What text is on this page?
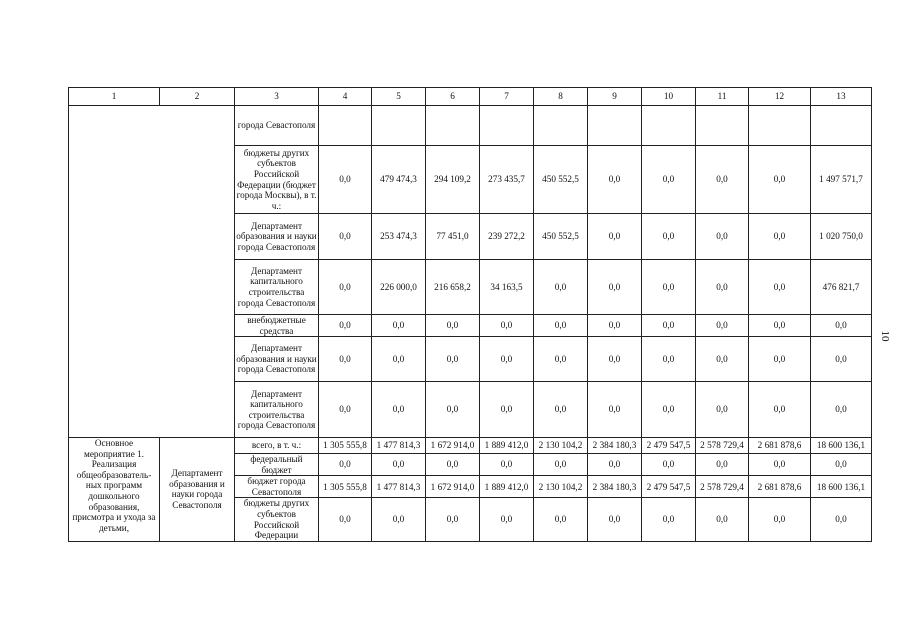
1	2	3	4	5	6	7	8	9	10	11	12	13
		города Севастополя										
		бюджеты других субъектов Российской Федерации (бюджет города Москвы), в т. ч.:	0,0	479 474,3	294 109,2	273 435,7	450 552,5	0,0	0,0	0,0	0,0	1 497 571,7
		Департамент образования и науки города Севастополя	0,0	253 474,3	77 451,0	239 272,2	450 552,5	0,0	0,0	0,0	0,0	1 020 750,0
		Департамент капитального строительства города Севастополя	0,0	226 000,0	216 658,2	34 163,5	0,0	0,0	0,0	0,0	0,0	476 821,7
		внебюджетные средства	0,0	0,0	0,0	0,0	0,0	0,0	0,0	0,0	0,0	0,0
		Департамент образования и науки города Севастополя	0,0	0,0	0,0	0,0	0,0	0,0	0,0	0,0	0,0	0,0
		Департамент капитального строительства города Севастополя	0,0	0,0	0,0	0,0	0,0	0,0	0,0	0,0	0,0	0,0
Основное мероприятие 1. Реализация общеобразователь-ных программ дошкольного образования, присмотра и ухода за детьми,	Департамент образования и науки города Севастополя	всего, в т. ч.:	1 305 555,8	1 477 814,3	1 672 914,0	1 889 412,0	2 130 104,2	2 384 180,3	2 479 547,5	2 578 729,4	2 681 878,6	18 600 136,1
		федеральный бюджет	0,0	0,0	0,0	0,0	0,0	0,0	0,0	0,0	0,0	0,0
		бюджет города Севастополя	1 305 555,8	1 477 814,3	1 672 914,0	1 889 412,0	2 130 104,2	2 384 180,3	2 479 547,5	2 578 729,4	2 681 878,6	18 600 136,1
		бюджеты других субъектов Российской Федерации	0,0	0,0	0,0	0,0	0,0	0,0	0,0	0,0	0,0	0,0
10
